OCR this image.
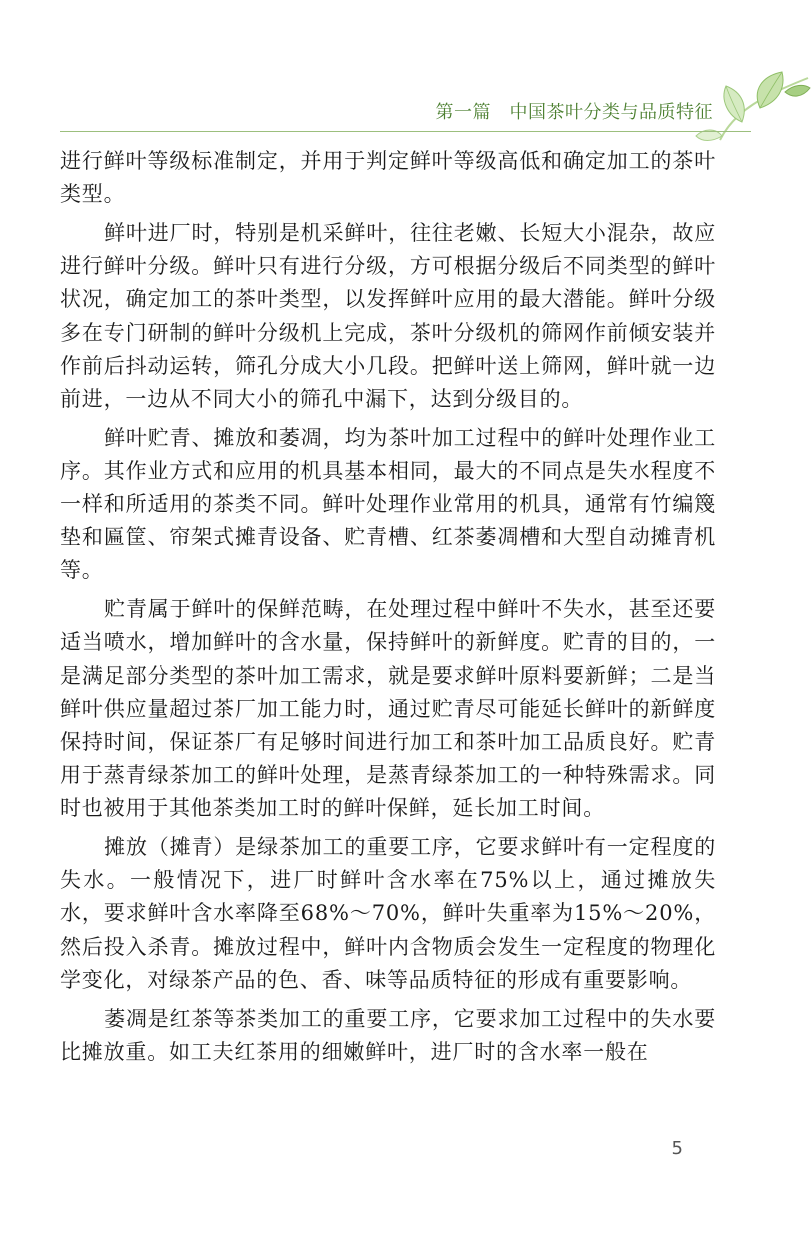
第一篇　中国茶叶分类与品质特征

进行鲜叶等级标准制定，并用于判定鲜叶等级高低和确定加工的茶叶类型。

鲜叶进厂时，特别是机采鲜叶，往往老嫩、长短大小混杂，故应进行鲜叶分级。鲜叶只有进行分级，方可根据分级后不同类型的鲜叶状况，确定加工的茶叶类型，以发挥鲜叶应用的最大潜能。鲜叶分级多在专门研制的鲜叶分级机上完成，茶叶分级机的筛网作前倾安装并作前后抖动运转，筛孔分成大小几段。把鲜叶送上筛网，鲜叶就一边前进，一边从不同大小的筛孔中漏下，达到分级目的。

鲜叶贮青、摊放和萎凋，均为茶叶加工过程中的鲜叶处理作业工序。其作业方式和应用的机具基本相同，最大的不同点是失水程度不一样和所适用的茶类不同。鲜叶处理作业常用的机具，通常有竹编篾垫和匾筐、帘架式摊青设备、贮青槽、红茶萎凋槽和大型自动摊青机等。

贮青属于鲜叶的保鲜范畴，在处理过程中鲜叶不失水，甚至还要适当喷水，增加鲜叶的含水量，保持鲜叶的新鲜度。贮青的目的，一是满足部分类型的茶叶加工需求，就是要求鲜叶原料要新鲜；二是当鲜叶供应量超过茶厂加工能力时，通过贮青尽可能延长鲜叶的新鲜度保持时间，保证茶厂有足够时间进行加工和茶叶加工品质良好。贮青用于蒸青绿茶加工的鲜叶处理，是蒸青绿茶加工的一种特殊需求。同时也被用于其他茶类加工时的鲜叶保鲜，延长加工时间。

摊放（摊青）是绿茶加工的重要工序，它要求鲜叶有一定程度的失水。一般情况下，进厂时鲜叶含水率在75%以上，通过摊放失水，要求鲜叶含水率降至68%～70%，鲜叶失重率为15%～20%，然后投入杀青。摊放过程中，鲜叶内含物质会发生一定程度的物理化学变化，对绿茶产品的色、香、味等品质特征的形成有重要影响。

萎凋是红茶等茶类加工的重要工序，它要求加工过程中的失水要比摊放重。如工夫红茶用的细嫩鲜叶，进厂时的含水率一般在

5
